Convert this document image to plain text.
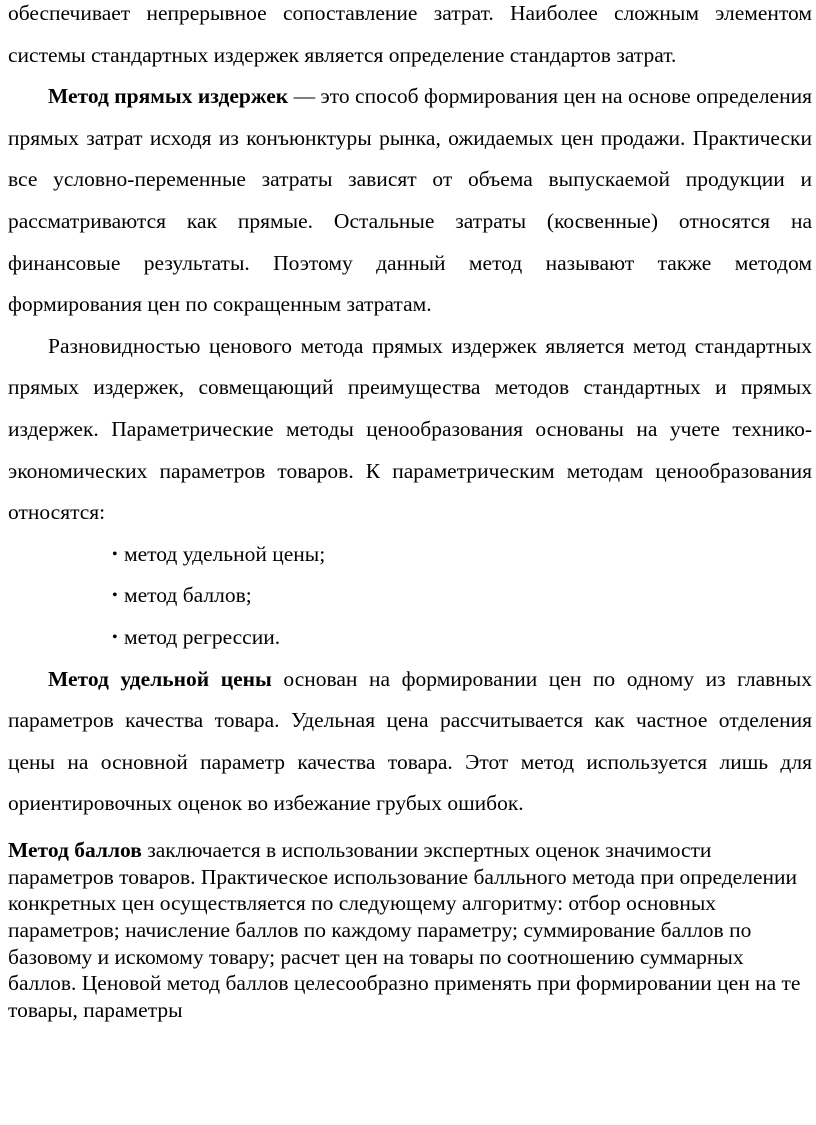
обеспечивает непрерывное сопоставление затрат. Наиболее сложным элементом системы стандартных издержек является определение стандартов затрат.

Метод прямых издержек — это способ формирования цен на основе определения прямых затрат исходя из конъюнктуры рынка, ожидаемых цен продажи. Практически все условно-переменные затраты зависят от объема выпускаемой продукции и рассматриваются как прямые. Остальные затраты (косвенные) относятся на финансовые результаты. Поэтому данный метод называют также методом формирования цен по сокращенным затратам.

Разновидностью ценового метода прямых издержек является метод стандартных прямых издержек, совмещающий преимущества методов стандартных и прямых издержек. Параметрические методы ценообразования основаны на учете технико-экономических параметров товаров. К параметрическим методам ценообразования относятся:

• метод удельной цены;
• метод баллов;
• метод регрессии.

Метод удельной цены основан на формировании цен по одному из главных параметров качества товара. Удельная цена рассчитывается как частное отделения цены на основной параметр качества товара. Этот метод используется лишь для ориентировочных оценок во избежание грубых ошибок.

Метод баллов заключается в использовании экспертных оценок значимости параметров товаров. Практическое использование балльного метода при определении конкретных цен осуществляется по следующему алгоритму: отбор основных параметров; начисление баллов по каждому параметру; суммирование баллов по базовому и искомому товару; расчет цен на товары по соотношению суммарных баллов. Ценовой метод баллов целесообразно применять при формировании цен на те товары, параметры
